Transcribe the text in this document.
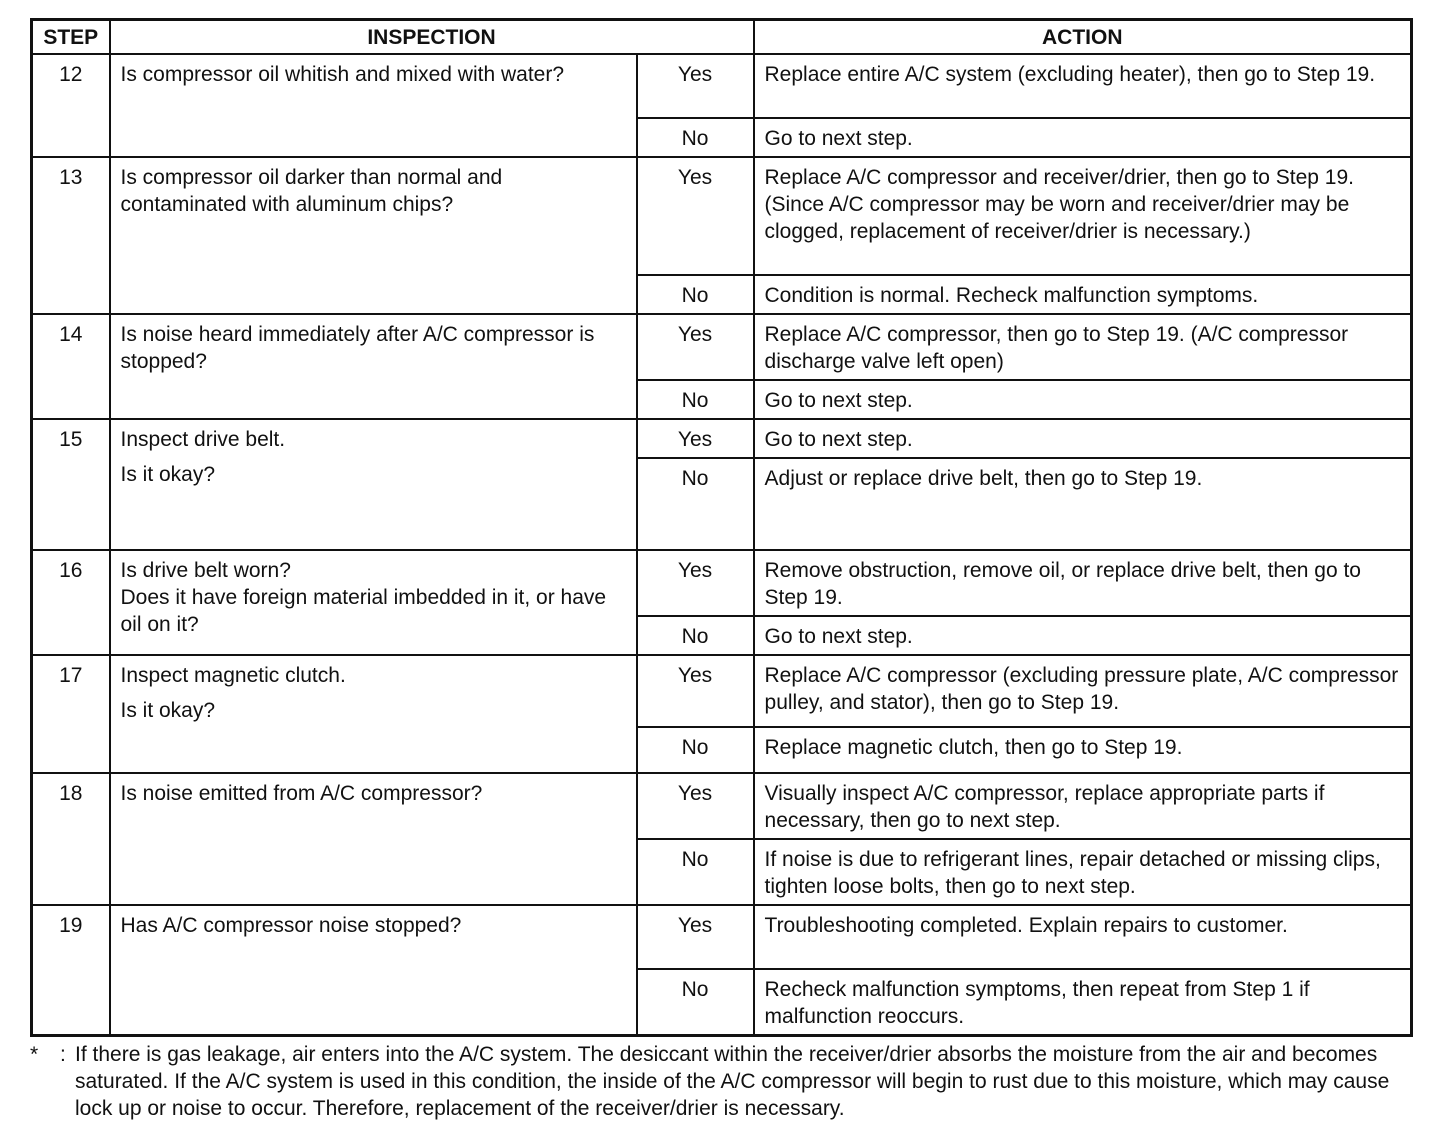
STEP	INSPECTION		ACTION
12	Is compressor oil whitish and mixed with water?	Yes	Replace entire A/C system (excluding heater), then go to Step 19.
		No	Go to next step.
13	Is compressor oil darker than normal and contaminated with aluminum chips?	Yes	Replace A/C compressor and receiver/drier, then go to Step 19. (Since A/C compressor may be worn and receiver/drier may be clogged, replacement of receiver/drier is necessary.)
		No	Condition is normal. Recheck malfunction symptoms.
14	Is noise heard immediately after A/C compressor is stopped?	Yes	Replace A/C compressor, then go to Step 19. (A/C compressor discharge valve left open)
		No	Go to next step.
15	Inspect drive belt.
Is it okay?	Yes	Go to next step.
		No	Adjust or replace drive belt, then go to Step 19.
16	Is drive belt worn?
Does it have foreign material imbedded in it, or have oil on it?	Yes	Remove obstruction, remove oil, or replace drive belt, then go to Step 19.
		No	Go to next step.
17	Inspect magnetic clutch.
Is it okay?	Yes	Replace A/C compressor (excluding pressure plate, A/C compressor pulley, and stator), then go to Step 19.
		No	Replace magnetic clutch, then go to Step 19.
18	Is noise emitted from A/C compressor?	Yes	Visually inspect A/C compressor, replace appropriate parts if necessary, then go to next step.
		No	If noise is due to refrigerant lines, repair detached or missing clips, tighten loose bolts, then go to next step.
19	Has A/C compressor noise stopped?	Yes	Troubleshooting completed. Explain repairs to customer.
		No	Recheck malfunction symptoms, then repeat from Step 1 if malfunction reoccurs.
* : If there is gas leakage, air enters into the A/C system. The desiccant within the receiver/drier absorbs the moisture from the air and becomes saturated. If the A/C system is used in this condition, the inside of the A/C compressor will begin to rust due to this moisture, which may cause lock up or noise to occur. Therefore, replacement of the receiver/drier is necessary.
